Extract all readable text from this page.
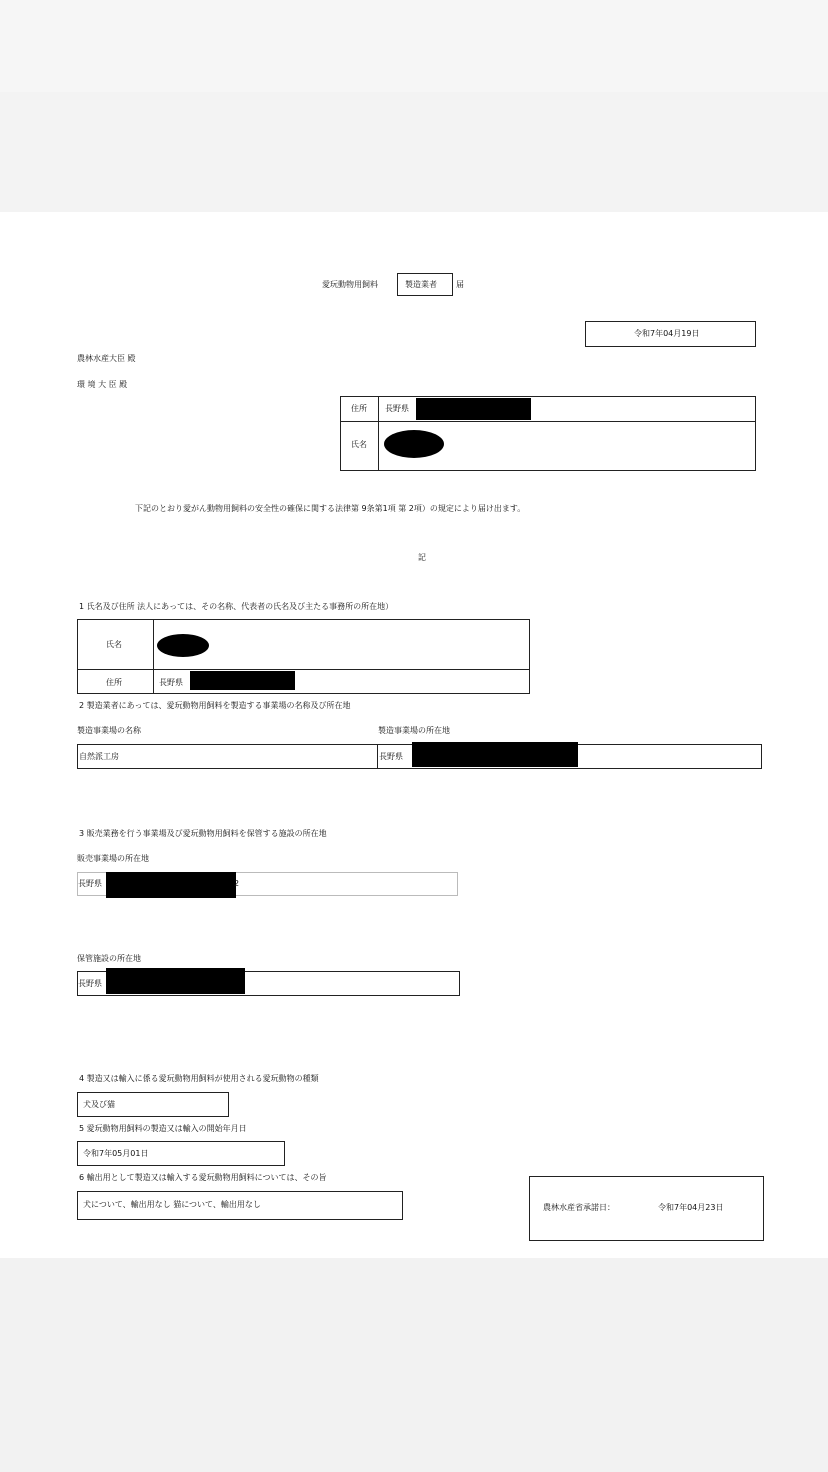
愛玩動物用飼料	製造業者 届
令和7年04月19日
農林水産大臣 殿
環 境 大 臣 殿
住所 長野県
氏名
下記のとおり愛がん動物用飼料の安全性の確保に関する法律第 9条第1項 第 2項）の規定により届け出ます。
記
1 氏名及び住所 法人にあっては、その名称、代表者の氏名及び主たる事務所の所在地）
氏名
住所	長野県
2 製造業者にあっては、愛玩動物用飼料を製造する事業場の名称及び所在地
製造事業場の名称	製造事業場の所在地
自然派工房	長野県
3 販売業務を行う事業場及び愛玩動物用飼料を保管する施設の所在地
販売事業場の所在地
長野県	2
保管施設の所在地
長野県
4 製造又は輸入に係る愛玩動物用飼料が使用される愛玩動物の種類
犬及び猫
5 愛玩動物用飼料の製造又は輸入の開始年月日
令和7年05月01日
6 輸出用として製造又は輸入する愛玩動物用飼料については、その旨
犬について、輸出用なし 猫について、輸出用なし	農林水産省承諾日：	令和7年04月23日
